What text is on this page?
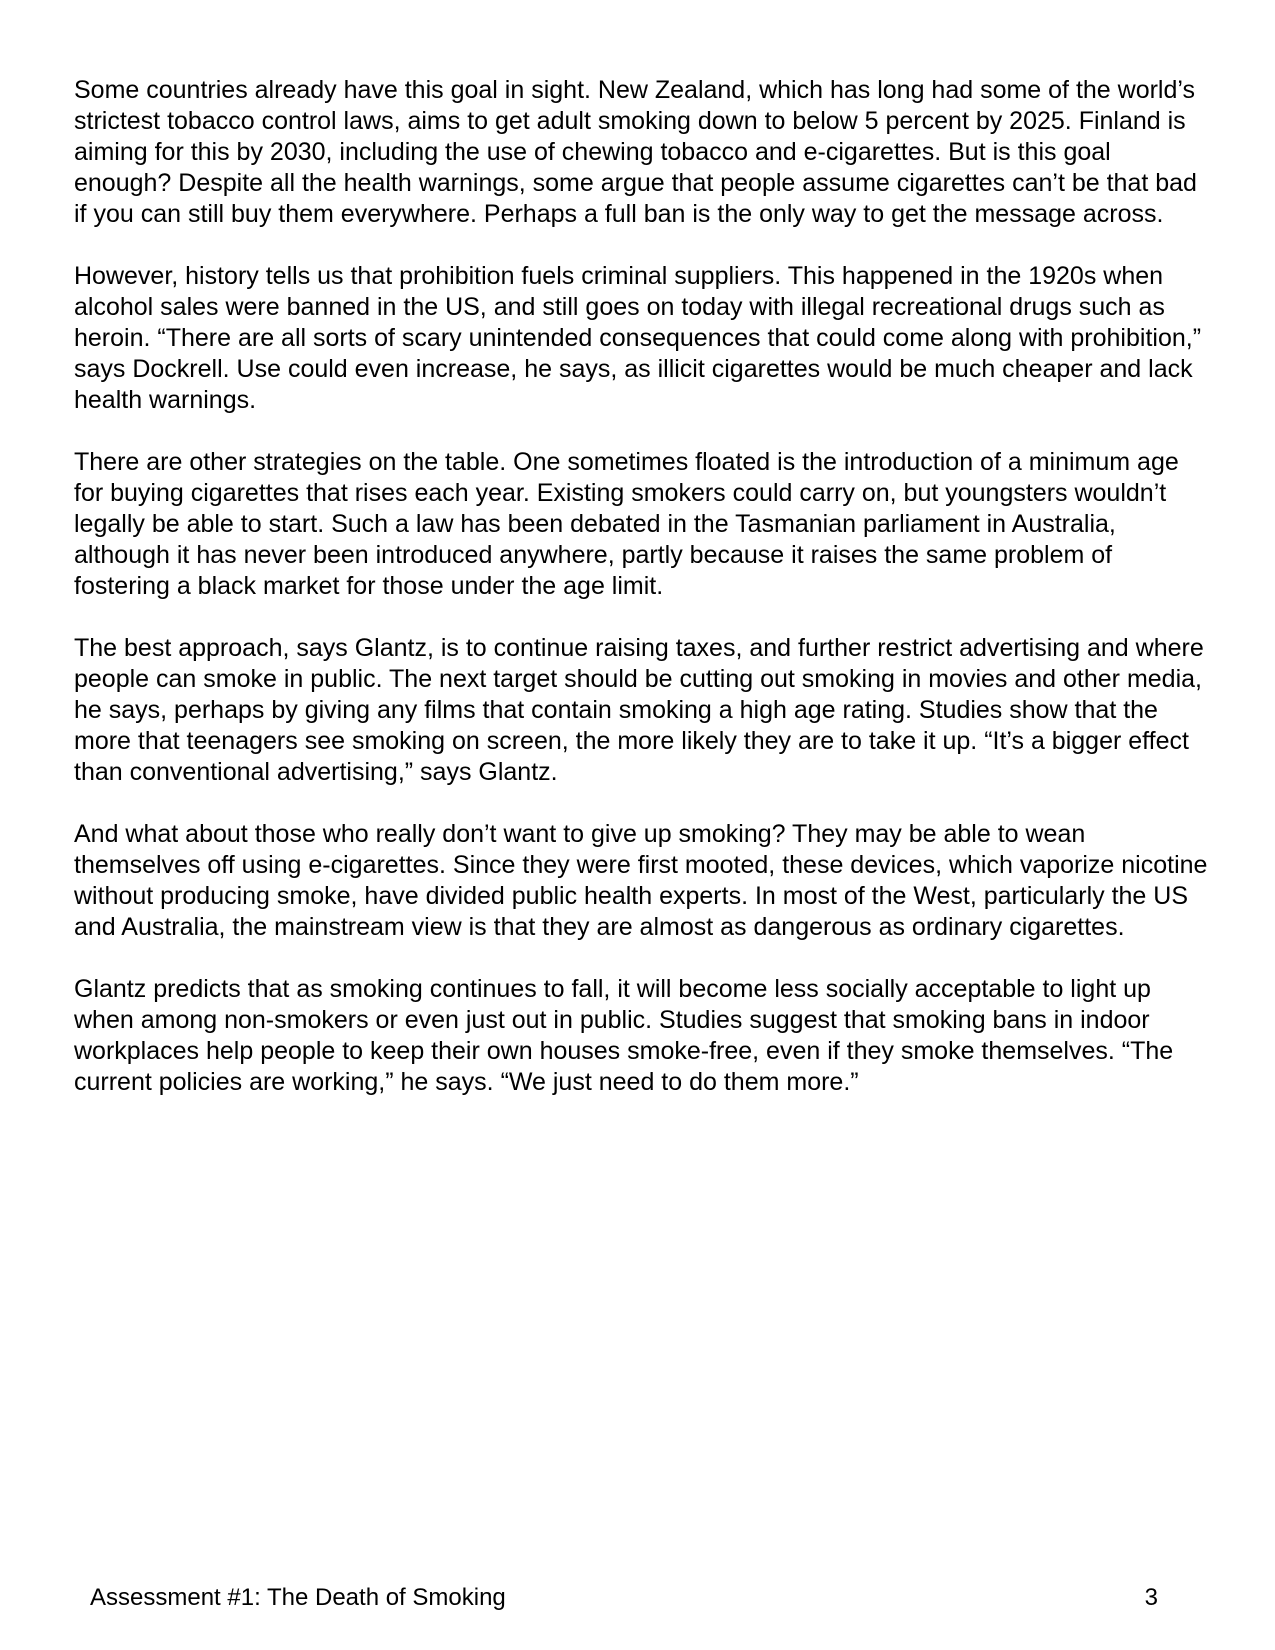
Some countries already have this goal in sight. New Zealand, which has long had some of the world’s strictest tobacco control laws, aims to get adult smoking down to below 5 percent by 2025. Finland is aiming for this by 2030, including the use of chewing tobacco and e-cigarettes. But is this goal enough? Despite all the health warnings, some argue that people assume cigarettes can’t be that bad if you can still buy them everywhere. Perhaps a full ban is the only way to get the message across.

However, history tells us that prohibition fuels criminal suppliers. This happened in the 1920s when alcohol sales were banned in the US, and still goes on today with illegal recreational drugs such as heroin. “There are all sorts of scary unintended consequences that could come along with prohibition,” says Dockrell. Use could even increase, he says, as illicit cigarettes would be much cheaper and lack health warnings.

There are other strategies on the table. One sometimes floated is the introduction of a minimum age for buying cigarettes that rises each year. Existing smokers could carry on, but youngsters wouldn’t legally be able to start. Such a law has been debated in the Tasmanian parliament in Australia, although it has never been introduced anywhere, partly because it raises the same problem of fostering a black market for those under the age limit.

The best approach, says Glantz, is to continue raising taxes, and further restrict advertising and where people can smoke in public. The next target should be cutting out smoking in movies and other media, he says, perhaps by giving any films that contain smoking a high age rating. Studies show that the more that teenagers see smoking on screen, the more likely they are to take it up. “It’s a bigger effect than conventional advertising,” says Glantz.

And what about those who really don’t want to give up smoking? They may be able to wean themselves off using e-cigarettes. Since they were first mooted, these devices, which vaporize nicotine without producing smoke, have divided public health experts. In most of the West, particularly the US and Australia, the mainstream view is that they are almost as dangerous as ordinary cigarettes.

Glantz predicts that as smoking continues to fall, it will become less socially acceptable to light up when among non-smokers or even just out in public. Studies suggest that smoking bans in indoor workplaces help people to keep their own houses smoke-free, even if they smoke themselves. “The current policies are working,” he says. “We just need to do them more.”

Assessment #1: The Death of Smoking	3
